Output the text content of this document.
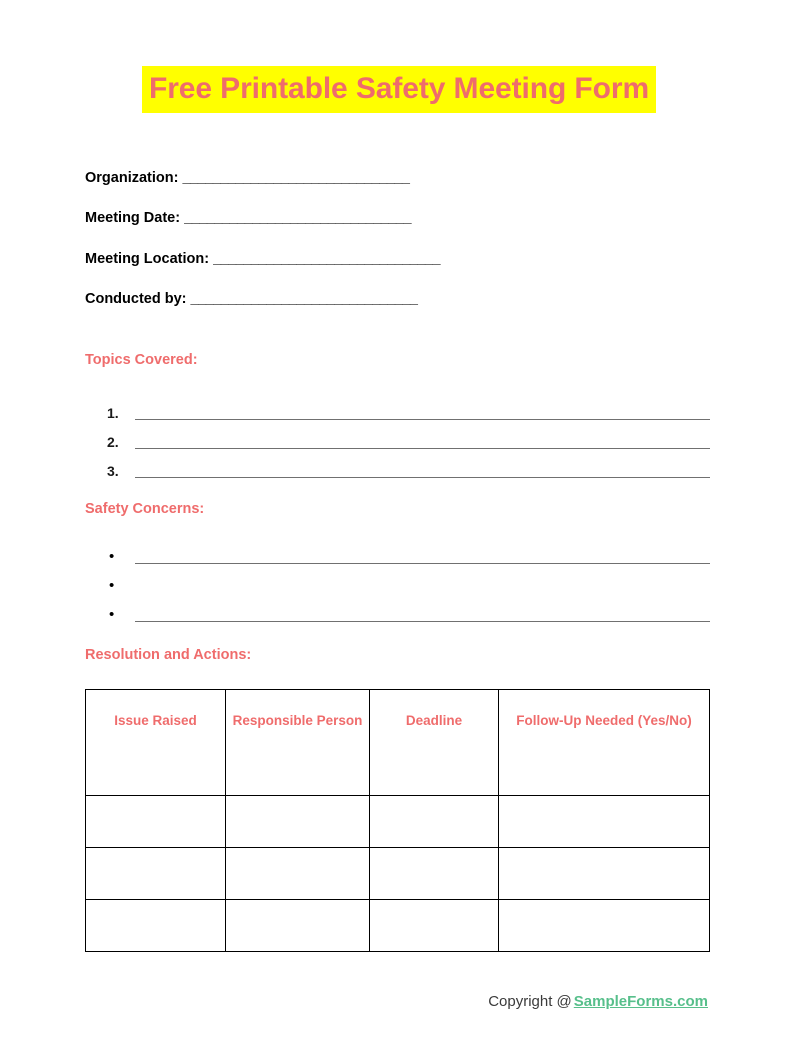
Free Printable Safety Meeting Form
Organization: ______________________________
Meeting Date: ______________________________
Meeting Location: ______________________________
Conducted by: ______________________________
Topics Covered:
1.
2.
3.
Safety Concerns:
•
•
•
Resolution and Actions:
Issue Raised	Responsible Person	Deadline	Follow-Up Needed (Yes/No)

Copyright @ SampleForms.com
